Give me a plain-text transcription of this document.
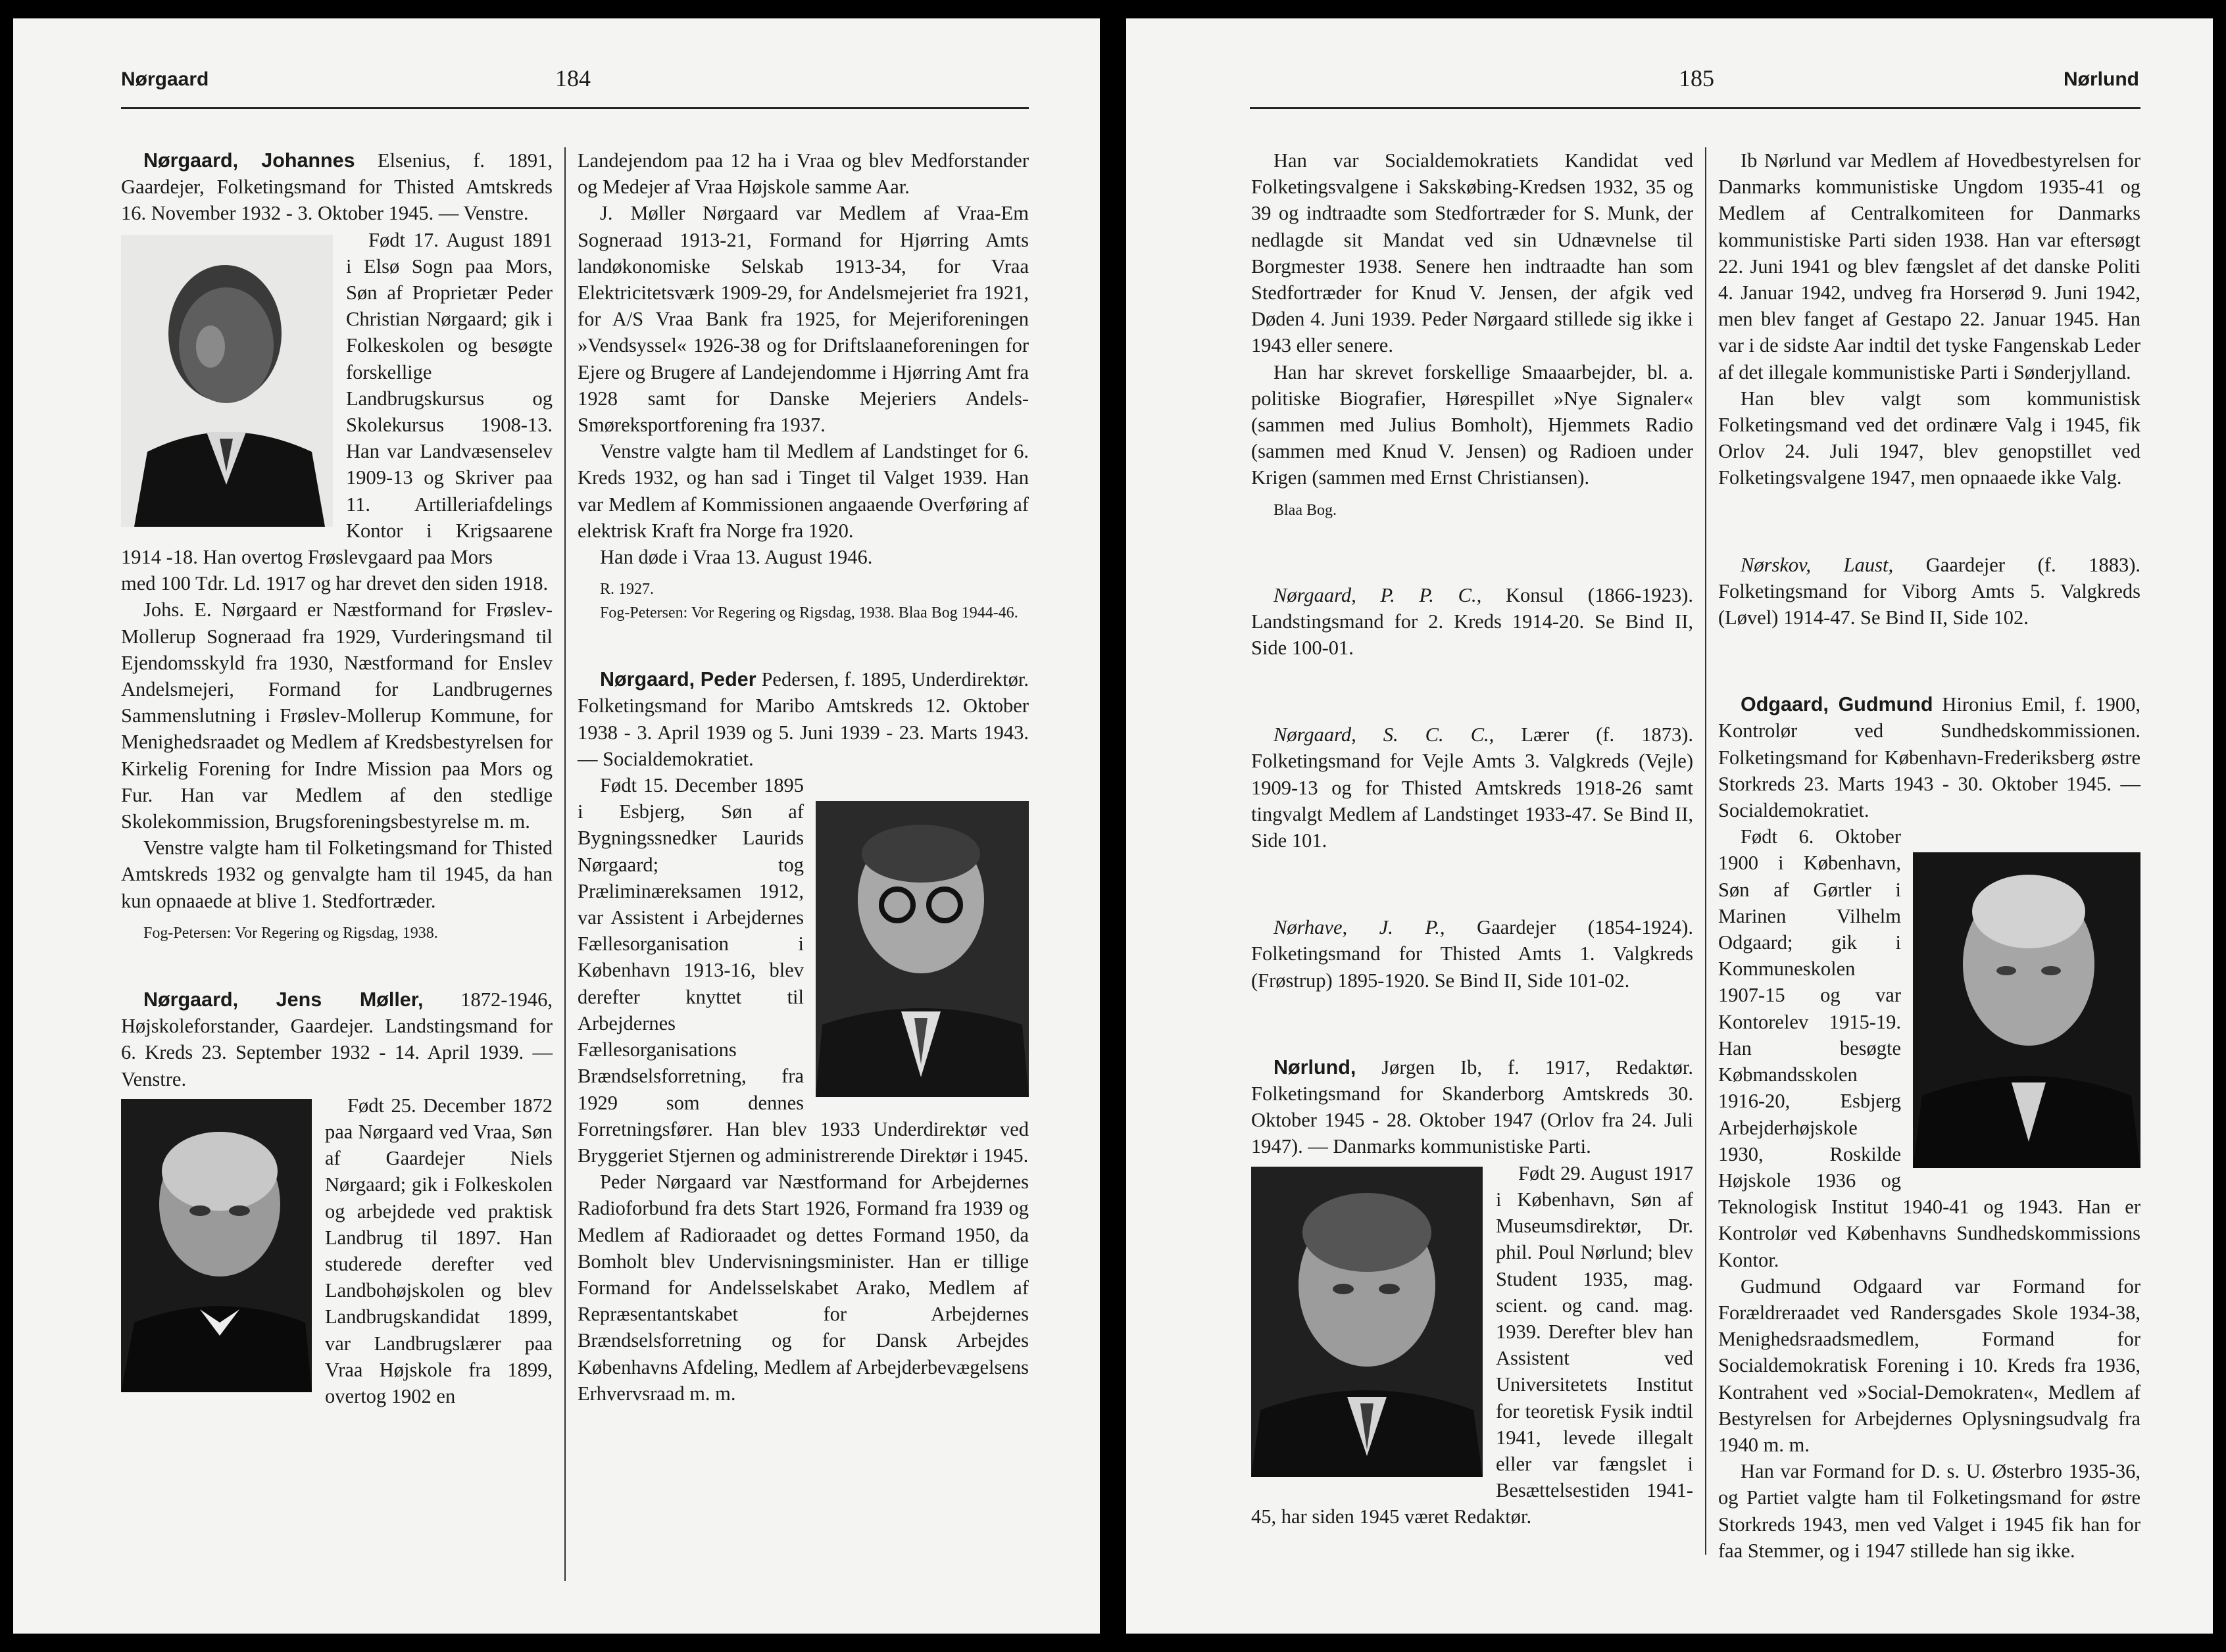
Nørgaard	184

Nørgaard, Johannes Elsenius, f. 1891, Gaardejer, Folketingsmand for Thisted Amtskreds 16. November 1932 - 3. Oktober 1945. — Venstre.

Født 17. August 1891 i Elsø Sogn paa Mors, Søn af Proprietær Peder Christian Nørgaard; gik i Folkeskolen og besøgte forskellige Landbrugskursus og Skolekursus 1908-13. Han var Landvæsenselev 1909-13 og Skriver paa 11. Artilleriafdelings Kontor i Krigsaarene 1914 -18. Han overtog Frøslevgaard paa Mors

med 100 Tdr. Ld. 1917 og har drevet den siden 1918.

Johs. E. Nørgaard er Næstformand for Frøslev-Mollerup Sogneraad fra 1929, Vurderingsmand til Ejendomsskyld fra 1930, Næstformand for Enslev Andelsmejeri, Formand for Landbrugernes Sammenslutning i Frøslev-Mollerup Kommune, for Menighedsraadet og Medlem af Kredsbestyrelsen for Kirkelig Forening for Indre Mission paa Mors og Fur. Han var Medlem af den stedlige Skolekommission, Brugsforeningsbestyrelse m. m.

Venstre valgte ham til Folketingsmand for Thisted Amtskreds 1932 og genvalgte ham til 1945, da han kun opnaaede at blive 1. Stedfortræder.

Fog-Petersen: Vor Regering og Rigsdag, 1938.

Nørgaard, Jens Møller, 1872-1946, Højskoleforstander, Gaardejer. Landstingsmand for 6. Kreds 23. September 1932 - 14. April 1939. — Venstre.

Født 25. December 1872 paa Nørgaard ved Vraa, Søn af Gaardejer Niels Nørgaard; gik i Folkeskolen og arbejdede ved praktisk Landbrug til 1897. Han studerede derefter ved Landbohøjskolen og blev Landbrugskandidat 1899, var Landbrugslærer paa Vraa Højskole fra 1899, overtog 1902 en

Landejendom paa 12 ha i Vraa og blev Medforstander og Medejer af Vraa Højskole samme Aar.

J. Møller Nørgaard var Medlem af Vraa-Em Sogneraad 1913-21, Formand for Hjørring Amts landøkonomiske Selskab 1913-34, for Vraa Elektricitetsværk 1909-29, for Andelsmejeriet fra 1921, for A/S Vraa Bank fra 1925, for Mejeriforeningen »Vendsyssel« 1926-38 og for Driftslaaneforeningen for Ejere og Brugere af Landejendomme i Hjørring Amt fra 1928 samt for Danske Mejeriers Andels-Smøreksportforening fra 1937.

Venstre valgte ham til Medlem af Landstinget for 6. Kreds 1932, og han sad i Tinget til Valget 1939. Han var Medlem af Kommissionen angaaende Overføring af elektrisk Kraft fra Norge fra 1920.

Han døde i Vraa 13. August 1946.

R. 1927.

Fog-Petersen: Vor Regering og Rigsdag, 1938. Blaa Bog 1944-46.

Nørgaard, Peder Pedersen, f. 1895, Underdirektør. Folketingsmand for Maribo Amtskreds 12. Oktober 1938 - 3. April 1939 og 5. Juni 1939 - 23. Marts 1943. — Socialdemokratiet.

Født 15. December 1895 i Esbjerg, Søn af Bygningssnedker Laurids Nørgaard; tog Præliminæreksamen 1912, var Assistent i Arbejdernes Fællesorganisation i København 1913-16, blev derefter knyttet til Arbejdernes Fællesorganisations Brændselsforretning, fra 1929 som dennes Forretningsfører. Han blev 1933 Underdirektør ved Bryggeriet Stjernen og administrerende Direktør i 1945.

Peder Nørgaard var Næstformand for Arbejdernes Radioforbund fra dets Start 1926, Formand fra 1939 og Medlem af Radioraadet og dettes Formand 1950, da Bomholt blev Undervisningsminister. Han er tillige Formand for Andelsselskabet Arako, Medlem af Repræsentantskabet for Arbejdernes Brændselsforretning og for Dansk Arbejdes Københavns Afdeling, Medlem af Arbejderbevægelsens Erhvervsraad m. m.

185	Nørlund

Han var Socialdemokratiets Kandidat ved Folketingsvalgene i Sakskøbing-Kredsen 1932, 35 og 39 og indtraadte som Stedfortræder for S. Munk, der nedlagde sit Mandat ved sin Udnævnelse til Borgmester 1938. Senere hen indtraadte han som Stedfortræder for Knud V. Jensen, der afgik ved Døden 4. Juni 1939. Peder Nørgaard stillede sig ikke i 1943 eller senere.

Han har skrevet forskellige Smaaarbejder, bl. a. politiske Biografier, Hørespillet »Nye Signaler« (sammen med Julius Bomholt), Hjemmets Radio (sammen med Knud V. Jensen) og Radioen under Krigen (sammen med Ernst Christiansen).

Blaa Bog.

Nørgaard, P. P. C., Konsul (1866-1923). Landstingsmand for 2. Kreds 1914-20. Se Bind II, Side 100-01.

Nørgaard, S. C. C., Lærer (f. 1873). Folketingsmand for Vejle Amts 3. Valgkreds (Vejle) 1909-13 og for Thisted Amtskreds 1918-26 samt tingvalgt Medlem af Landstinget 1933-47. Se Bind II, Side 101.

Nørhave, J. P., Gaardejer (1854-1924). Folketingsmand for Thisted Amts 1. Valgkreds (Frøstrup) 1895-1920. Se Bind II, Side 101-02.

Nørlund, Jørgen Ib, f. 1917, Redaktør. Folketingsmand for Skanderborg Amtskreds 30. Oktober 1945 - 28. Oktober 1947 (Orlov fra 24. Juli 1947). — Danmarks kommunistiske Parti.

Født 29. August 1917 i København, Søn af Museumsdirektør, Dr. phil. Poul Nørlund; blev Student 1935, mag. scient. og cand. mag. 1939. Derefter blev han Assistent ved Universitetets Institut for teoretisk Fysik indtil 1941, levede illegalt eller var fængslet i Besættelsestiden 1941-45, har siden 1945 været Redaktør.

Ib Nørlund var Medlem af Hovedbestyrelsen for Danmarks kommunistiske Ungdom 1935-41 og Medlem af Centralkomiteen for Danmarks kommunistiske Parti siden 1938. Han var eftersøgt 22. Juni 1941 og blev fængslet af det danske Politi 4. Januar 1942, undveg fra Horserød 9. Juni 1942, men blev fanget af Gestapo 22. Januar 1945. Han var i de sidste Aar indtil det tyske Fangenskab Leder af det illegale kommunistiske Parti i Sønderjylland.

Han blev valgt som kommunistisk Folketingsmand ved det ordinære Valg i 1945, fik Orlov 24. Juli 1947, blev genopstillet ved Folketingsvalgene 1947, men opnaaede ikke Valg.

Nørskov, Laust, Gaardejer (f. 1883). Folketingsmand for Viborg Amts 5. Valgkreds (Løvel) 1914-47. Se Bind II, Side 102.

Odgaard, Gudmund Hironius Emil, f. 1900, Kontrolør ved Sundhedskommissionen. Folketingsmand for København-Frederiksberg østre Storkreds 23. Marts 1943 - 30. Oktober 1945. — Socialdemokratiet.

Født 6. Oktober 1900 i København, Søn af Gørtler i Marinen Vilhelm Odgaard; gik i Kommuneskolen 1907-15 og var Kontorelev 1915-19. Han besøgte Købmandsskolen 1916-20, Esbjerg Arbejderhøjskole 1930, Roskilde Højskole 1936 og Teknologisk Institut 1940-41 og 1943. Han er Kontrolør ved Københavns Sundhedskommissions Kontor.

Gudmund Odgaard var Formand for Forældreraadet ved Randersgades Skole 1934-38, Menighedsraadsmedlem, Formand for Socialdemokratisk Forening i 10. Kreds fra 1936, Kontrahent ved »Social-Demokraten«, Medlem af Bestyrelsen for Arbejdernes Oplysningsudvalg fra 1940 m. m.

Han var Formand for D. s. U. Østerbro 1935-36, og Partiet valgte ham til Folketingsmand for østre Storkreds 1943, men ved Valget i 1945 fik han for faa Stemmer, og i 1947 stillede han sig ikke.
